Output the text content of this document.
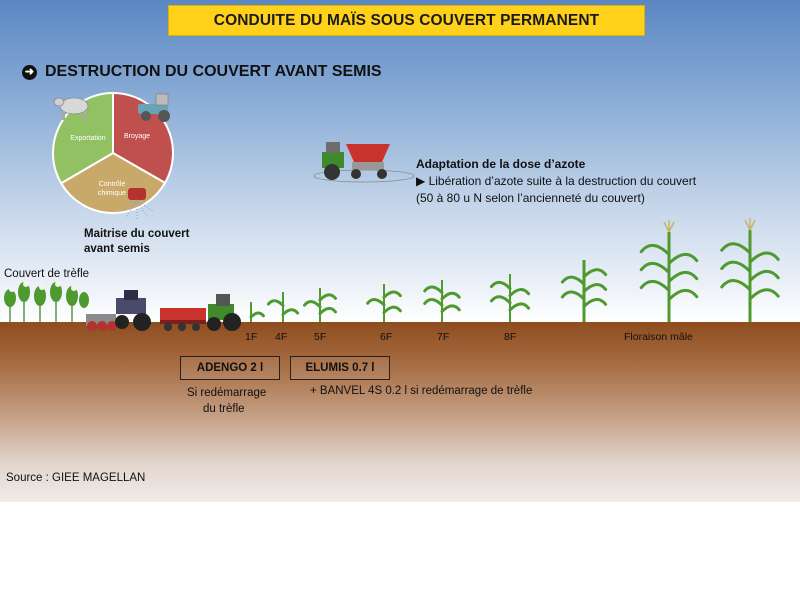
CONDUITE DU MAÏS SOUS COUVERT PERMANENT
➜ DESTRUCTION DU COUVERT AVANT SEMIS
Broyage
Contrôle chimique
Exportation
Maitrise du couvert
avant semis
Adaptation de la dose d’azote
▶ Libération d’azote suite à la destruction du couvert
(50 à 80 u N selon l’ancienneté du couvert)
Couvert de trèfle
1F 4F	5F	6F	7F	8F	Floraison mâle
ADENGO 2 l	ELUMIS 0.7 l
Si redémarrage
du trèfle
+ BANVEL 4S 0.2 l si redémarrage de trèfle
Source : GIEE MAGELLAN
